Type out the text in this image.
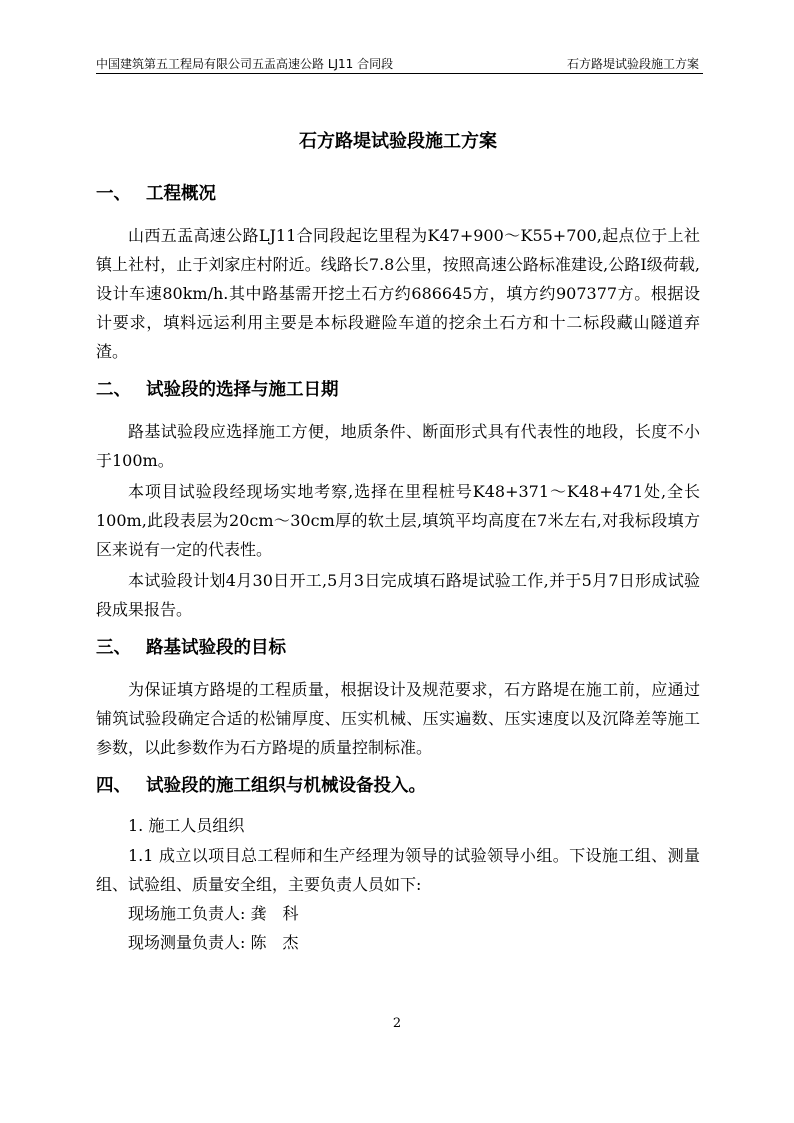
中国建筑第五工程局有限公司五盂高速公路 LJ11 合同段	石方路堤试验段施工方案
石方路堤试验段施工方案
一、 工程概况

山西五盂高速公路LJ11合同段起讫里程为K47+900～K55+700,起点位于上社镇上社村，止于刘家庄村附近。线路长7.8公里，按照高速公路标准建设,公路Ⅰ级荷载,设计车速80km/h.其中路基需开挖土石方约686645方，填方约907377方。根据设计要求，填料远运利用主要是本标段避险车道的挖余土石方和十二标段藏山隧道弃渣。

二、 试验段的选择与施工日期

路基试验段应选择施工方便，地质条件、断面形式具有代表性的地段，长度不小于100m。

本项目试验段经现场实地考察,选择在里程桩号K48+371～K48+471处,全长100m,此段表层为20cm～30cm厚的软土层,填筑平均高度在7米左右,对我标段填方区来说有一定的代表性。

本试验段计划4月30日开工,5月3日完成填石路堤试验工作,并于5月7日形成试验段成果报告。

三、 路基试验段的目标

为保证填方路堤的工程质量，根据设计及规范要求，石方路堤在施工前，应通过铺筑试验段确定合适的松铺厚度、压实机械、压实遍数、压实速度以及沉降差等施工参数，以此参数作为石方路堤的质量控制标准。

四、 试验段的施工组织与机械设备投入。
1. 施工人员组织

1.1 成立以项目总工程师和生产经理为领导的试验领导小组。下设施工组、测量组、试验组、质量安全组，主要负责人员如下:

现场施工负责人: 龚　科
现场测量负责人: 陈　杰
2
